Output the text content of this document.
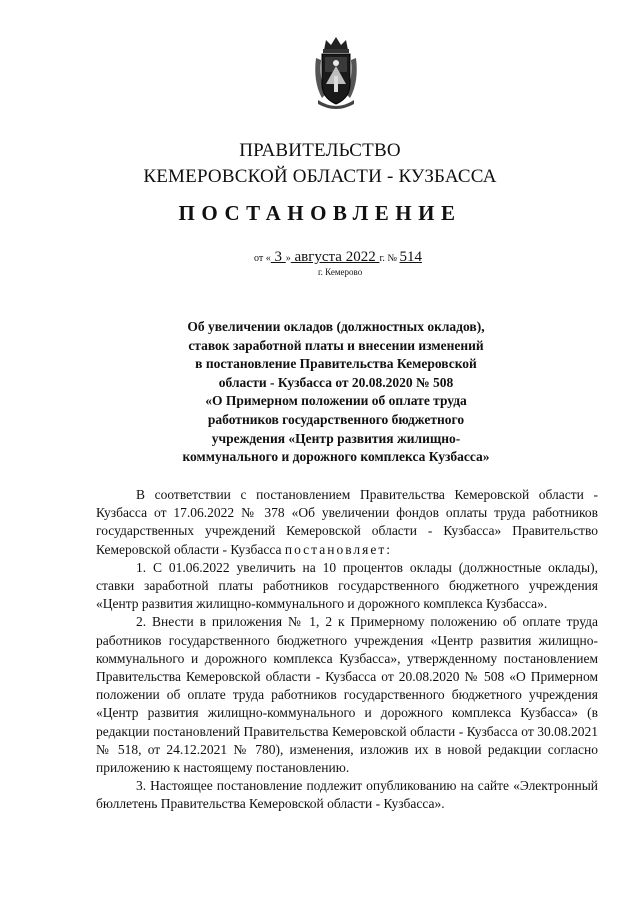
ПРАВИТЕЛЬСТВО
КЕМЕРОВСКОЙ ОБЛАСТИ - КУЗБАССА
ПОСТАНОВЛЕНИЕ
от « 3 » августа 2022 г. № 514
г. Кемерово
Об увеличении окладов (должностных окладов),
ставок заработной платы и внесении изменений
в постановление Правительства Кемеровской
области - Кузбасса от 20.08.2020 № 508
«О Примерном положении об оплате труда
работников государственного бюджетного
учреждения «Центр развития жилищно-
коммунального и дорожного комплекса Кузбасса»

В соответствии с постановлением Правительства Кемеровской области - Кузбасса от 17.06.2022 № 378 «Об увеличении фондов оплаты труда работников государственных учреждений Кемеровской области - Кузбасса» Правительство Кемеровской области - Кузбасса постановляет:

1. С 01.06.2022 увеличить на 10 процентов оклады (должностные оклады), ставки заработной платы работников государственного бюджетного учреждения «Центр развития жилищно-коммунального и дорожного комплекса Кузбасса».

2. Внести в приложения № 1, 2 к Примерному положению об оплате труда работников государственного бюджетного учреждения «Центр развития жилищно-коммунального и дорожного комплекса Кузбасса», утвержденному постановлением Правительства Кемеровской области - Кузбасса от 20.08.2020 № 508 «О Примерном положении об оплате труда работников государственного бюджетного учреждения «Центр развития жилищно-коммунального и дорожного комплекса Кузбасса» (в редакции постановлений Правительства Кемеровской области - Кузбасса от 30.08.2021 № 518, от 24.12.2021 № 780), изменения, изложив их в новой редакции согласно приложению к настоящему постановлению.

3. Настоящее постановление подлежит опубликованию на сайте «Электронный бюллетень Правительства Кемеровской области - Кузбасса».
